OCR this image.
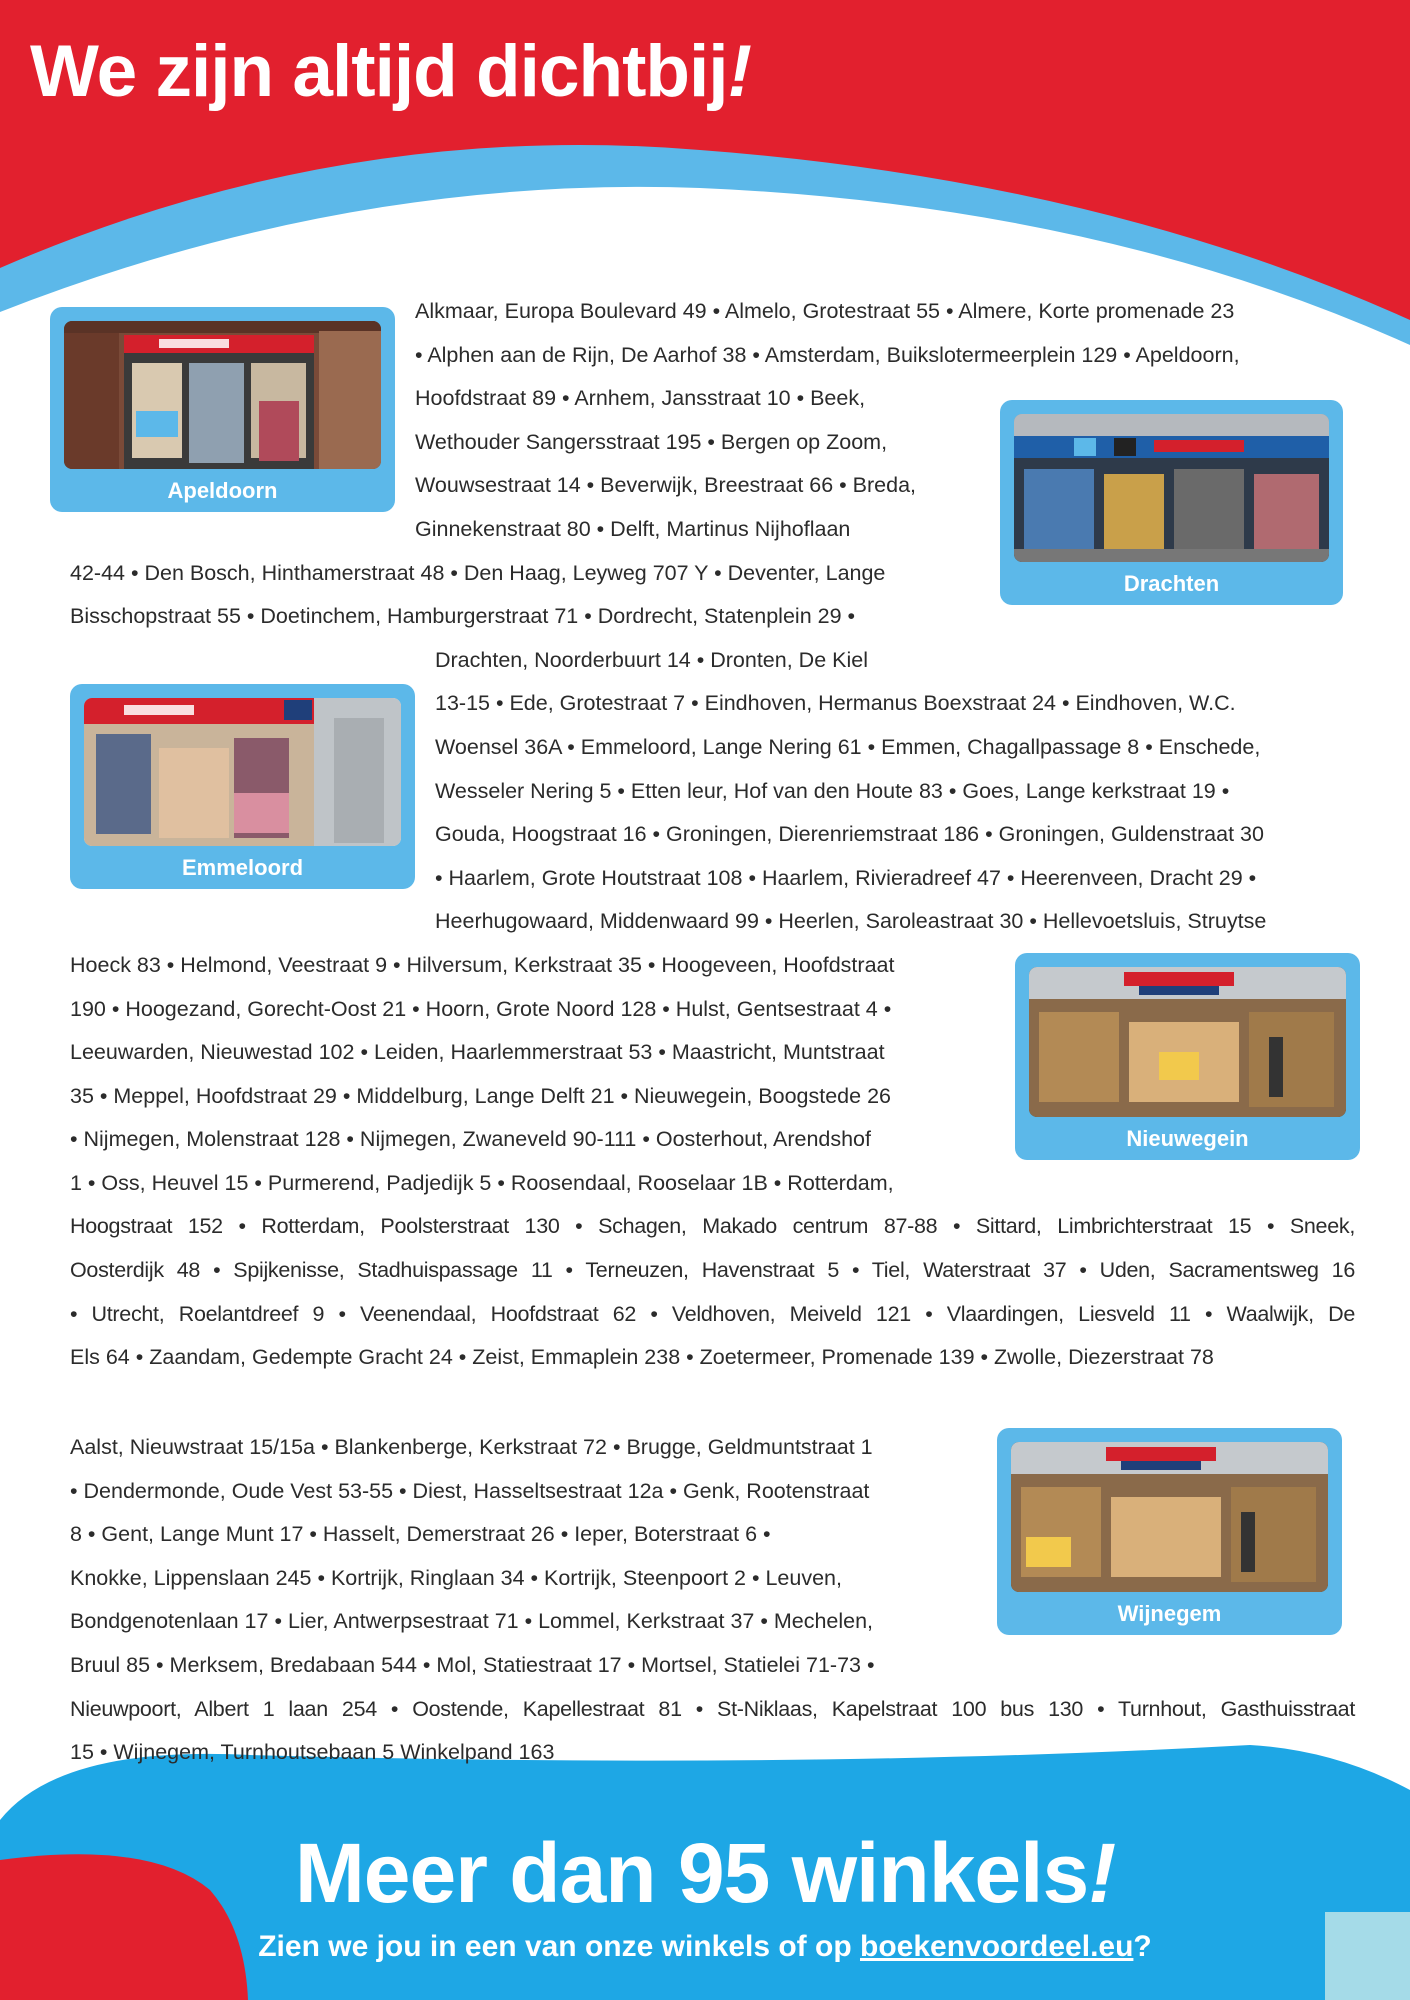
We zijn altijd dichtbij!
Apeldoorn
Drachten
Emmeloord
Nieuwegein
Wijnegem
Alkmaar, Europa Boulevard 49 • Almelo, Grotestraat 55 • Almere, Korte promenade 23
• Alphen aan de Rijn, De Aarhof 38 • Amsterdam, Buikslotermeerplein 129 • Apeldoorn,
Hoofdstraat 89 • Arnhem, Jansstraat 10 • Beek,
Wethouder Sangersstraat 195 • Bergen op Zoom,
Wouwsestraat 14 • Beverwijk, Breestraat 66 • Breda,
Ginnekenstraat 80 • Delft, Martinus Nijhoflaan
42-44 • Den Bosch, Hinthamerstraat 48 • Den Haag, Leyweg 707 Y • Deventer, Lange
Bisschopstraat 55 • Doetinchem, Hamburgerstraat 71 • Dordrecht, Statenplein 29 •
Drachten, Noorderbuurt 14 • Dronten, De Kiel
13-15 • Ede, Grotestraat 7 • Eindhoven, Hermanus Boexstraat 24 • Eindhoven, W.C.
Woensel 36A • Emmeloord, Lange Nering 61 • Emmen, Chagallpassage 8 • Enschede,
Wesseler Nering 5 • Etten leur, Hof van den Houte 83 • Goes, Lange kerkstraat 19 •
Gouda, Hoogstraat 16 • Groningen, Dierenriemstraat 186 • Groningen, Guldenstraat 30
• Haarlem, Grote Houtstraat 108 • Haarlem, Rivieradreef 47 • Heerenveen, Dracht 29 •
Heerhugowaard, Middenwaard 99 • Heerlen, Saroleastraat 30 • Hellevoetsluis, Struytse
Hoeck 83 • Helmond, Veestraat 9 • Hilversum, Kerkstraat 35 • Hoogeveen, Hoofdstraat
190 • Hoogezand, Gorecht-Oost 21 • Hoorn, Grote Noord 128 • Hulst, Gentsestraat 4 •
Leeuwarden, Nieuwestad 102 • Leiden, Haarlemmerstraat 53 • Maastricht, Muntstraat
35 • Meppel, Hoofdstraat 29 • Middelburg, Lange Delft 21 • Nieuwegein, Boogstede 26
• Nijmegen, Molenstraat 128 • Nijmegen, Zwaneveld 90-111 • Oosterhout, Arendshof
1 • Oss, Heuvel 15 • Purmerend, Padjedijk 5 • Roosendaal, Rooselaar 1B • Rotterdam,
Hoogstraat 152 • Rotterdam, Poolsterstraat 130 • Schagen, Makado centrum 87-88 • Sittard, Limbrichterstraat 15 • Sneek,
Oosterdijk 48 • Spijkenisse, Stadhuispassage 11 • Terneuzen, Havenstraat 5 • Tiel, Waterstraat 37 • Uden, Sacramentsweg 16
• Utrecht, Roelantdreef 9 • Veenendaal, Hoofdstraat 62 • Veldhoven, Meiveld 121 • Vlaardingen, Liesveld 11 • Waalwijk, De
Els 64 • Zaandam, Gedempte Gracht 24 • Zeist, Emmaplein 238 • Zoetermeer, Promenade 139 • Zwolle, Diezerstraat 78
Aalst, Nieuwstraat 15/15a • Blankenberge, Kerkstraat 72 • Brugge, Geldmuntstraat 1
• Dendermonde, Oude Vest 53-55 • Diest, Hasseltsestraat 12a • Genk, Rootenstraat
8 • Gent, Lange Munt 17 • Hasselt, Demerstraat 26 • Ieper, Boterstraat 6 •
Knokke, Lippenslaan 245 • Kortrijk, Ringlaan 34 • Kortrijk, Steenpoort 2 • Leuven,
Bondgenotenlaan 17 • Lier, Antwerpsestraat 71 • Lommel, Kerkstraat 37 • Mechelen,
Bruul 85 • Merksem, Bredabaan 544 • Mol, Statiestraat 17 • Mortsel, Statielei 71-73 •
Nieuwpoort, Albert 1 laan 254 • Oostende, Kapellestraat 81 • St-Niklaas, Kapelstraat 100 bus 130 • Turnhout, Gasthuisstraat
15 • Wijnegem, Turnhoutsebaan 5 Winkelpand 163
Meer dan 95 winkels!
Zien we jou in een van onze winkels of op boekenvoordeel.eu?
